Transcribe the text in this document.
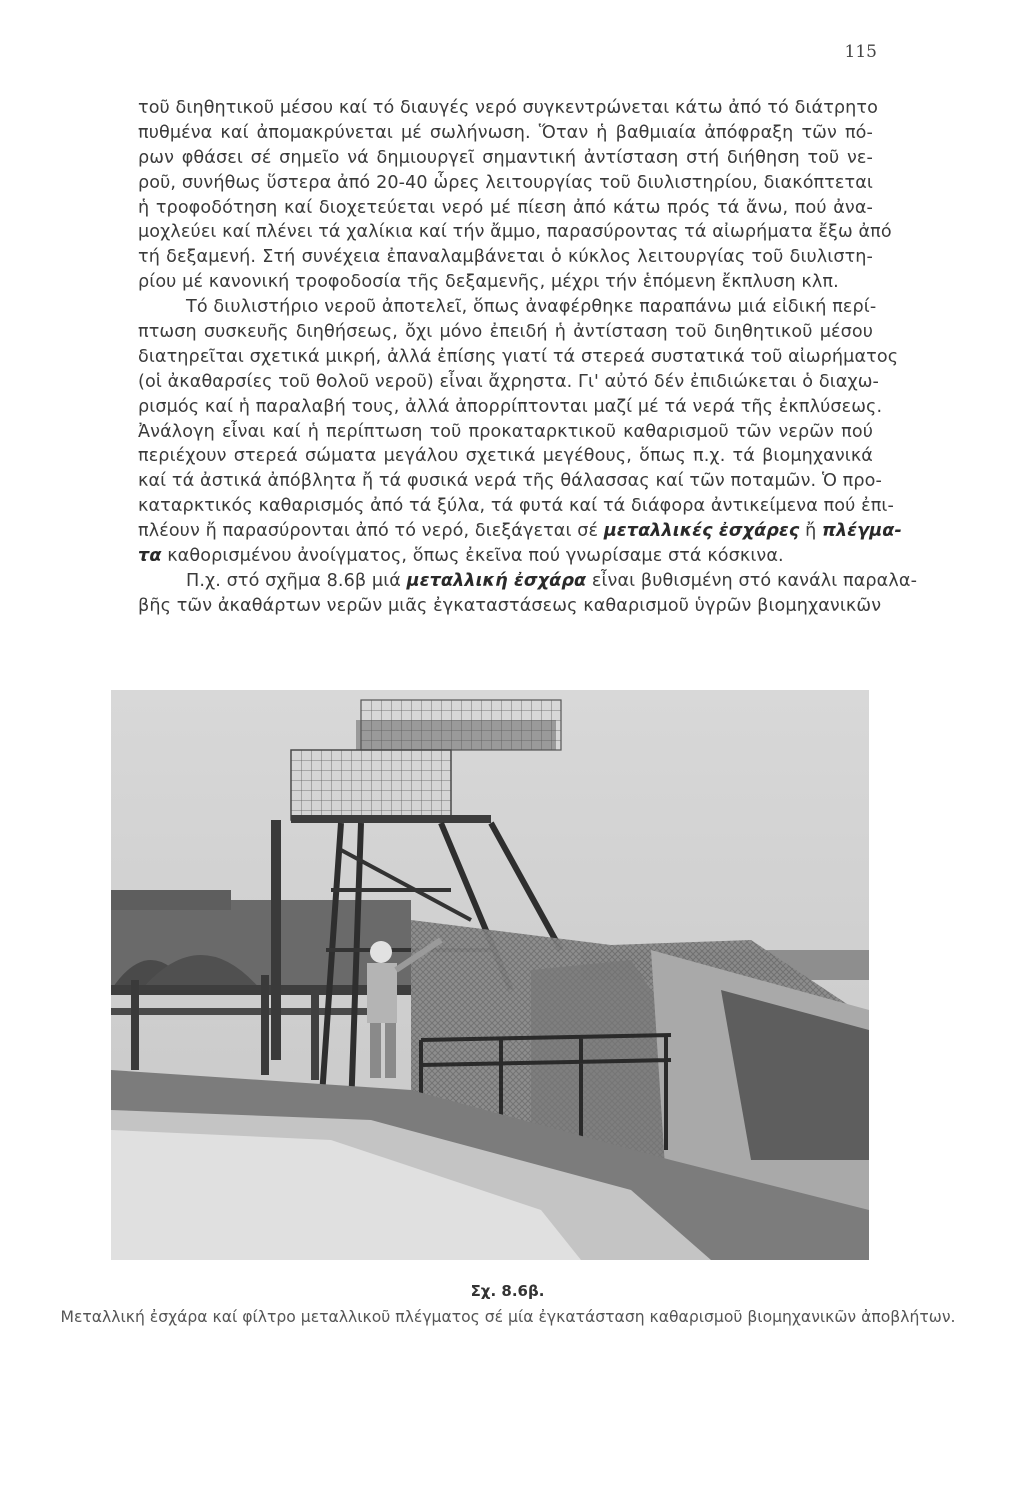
115
τοῦ διηθητικοῦ μέσου καί τό διαυγές νερό συγκεντρώνεται κάτω ἀπό τό διάτρητο
πυθμένα καί ἀπομακρύνεται μέ σωλήνωση. Ὅταν ἡ βαθμιαία ἀπόφραξη τῶν πό-
ρων φθάσει σέ σημεῖο νά δημιουργεῖ σημαντική ἀντίσταση στή διήθηση τοῦ νε-
ροῦ, συνήθως ὕστερα ἀπό 20-40 ὧρες λειτουργίας τοῦ διυλιστηρίου, διακόπτεται
ἡ τροφοδότηση καί διοχετεύεται νερό μέ πίεση ἀπό κάτω πρός τά ἄνω, πού ἀνα-
μοχλεύει καί πλένει τά χαλίκια καί τήν ἄμμο, παρασύροντας τά αἰωρήματα ἔξω ἀπό
τή δεξαμενή. Στή συνέχεια ἐπαναλαμβάνεται ὁ κύκλος λειτουργίας τοῦ διυλιστη-
ρίου μέ κανονική τροφοδοσία τῆς δεξαμενῆς, μέχρι τήν ἑπόμενη ἔκπλυση κλπ.
Τό διυλιστήριο νεροῦ ἀποτελεῖ, ὅπως ἀναφέρθηκε παραπάνω μιά εἰδική περί-
πτωση συσκευῆς διηθήσεως, ὄχι μόνο ἐπειδή ἡ ἀντίσταση τοῦ διηθητικοῦ μέσου
διατηρεῖται σχετικά μικρή, ἀλλά ἐπίσης γιατί τά στερεά συστατικά τοῦ αἰωρήματος
(οἱ ἀκαθαρσίες τοῦ θολοῦ νεροῦ) εἶναι ἄχρηστα. Γι' αὐτό δέν ἐπιδιώκεται ὁ διαχω-
ρισμός καί ἡ παραλαβή τους, ἀλλά ἀπορρίπτονται μαζί μέ τά νερά τῆς ἐκπλύσεως.
Ἀνάλογη εἶναι καί ἡ περίπτωση τοῦ προκαταρκτικοῦ καθαρισμοῦ τῶν νερῶν πού
περιέχουν στερεά σώματα μεγάλου σχετικά μεγέθους, ὅπως π.χ. τά βιομηχανικά
καί τά ἀστικά ἀπόβλητα ἤ τά φυσικά νερά τῆς θάλασσας καί τῶν ποταμῶν. Ὁ προ-
καταρκτικός καθαρισμός ἀπό τά ξύλα, τά φυτά καί τά διάφορα ἀντικείμενα πού ἐπι-
πλέουν ἤ παρασύρονται ἀπό τό νερό, διεξάγεται σέ μεταλλικές ἐσχάρες ἤ πλέγμα-
τα καθορισμένου ἀνοίγματος, ὅπως ἐκεῖνα πού γνωρίσαμε στά κόσκινα.
Π.χ. στό σχῆμα 8.6β μιά μεταλλική ἐσχάρα εἶναι βυθισμένη στό κανάλι παραλα-
βῆς τῶν ἀκαθάρτων νερῶν μιᾶς ἐγκαταστάσεως καθαρισμοῦ ὑγρῶν βιομηχανικῶν
Σχ. 8.6β.
Μεταλλική ἐσχάρα καί φίλτρο μεταλλικοῦ πλέγματος σέ μία ἐγκατάσταση καθαρισμοῦ βιομηχανικῶν ἀποβλήτων.
